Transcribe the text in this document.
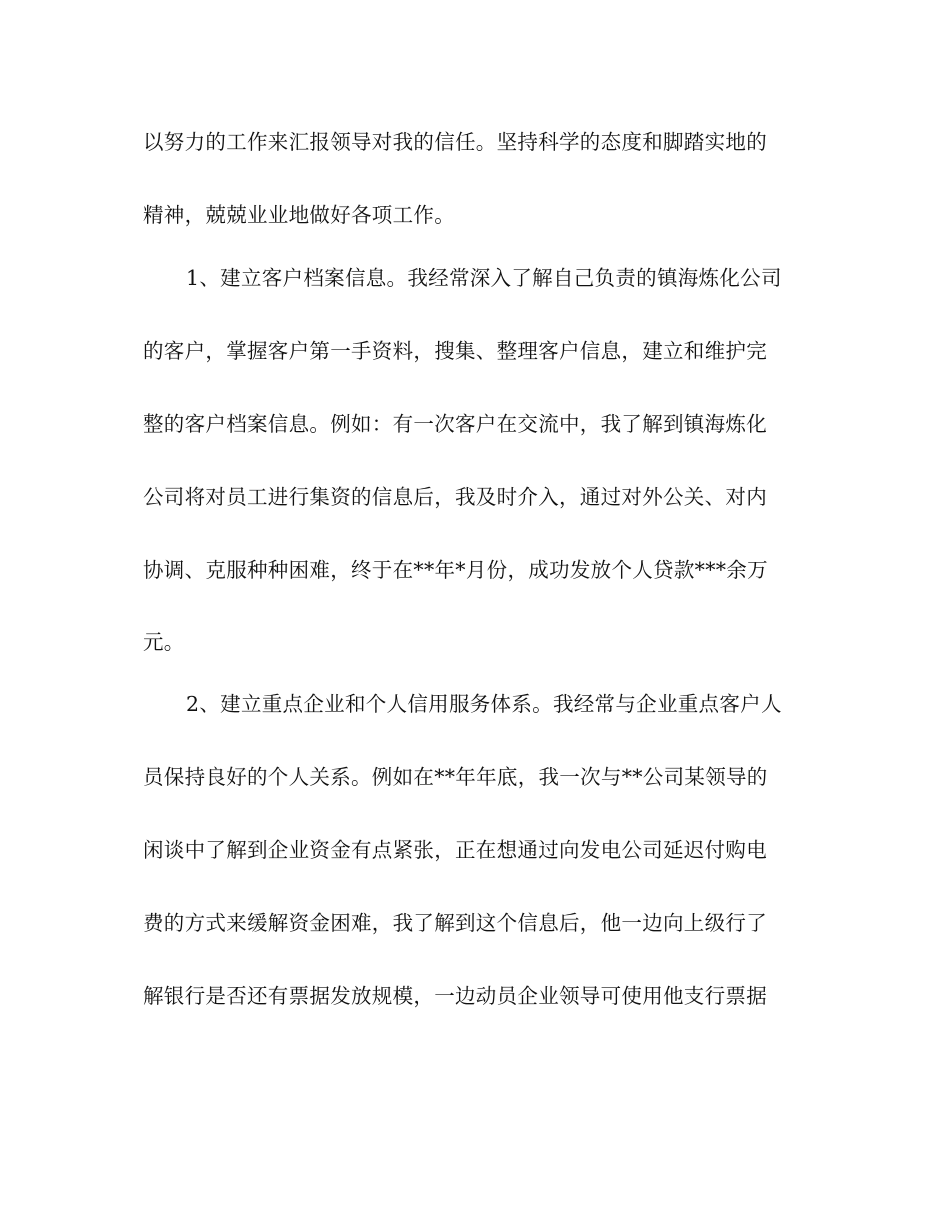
以努力的工作来汇报领导对我的信任。坚持科学的态度和脚踏实地的
精神，兢兢业业地做好各项工作。
1、建立客户档案信息。我经常深入了解自己负责的镇海炼化公司
的客户，掌握客户第一手资料，搜集、整理客户信息，建立和维护完
整的客户档案信息。例如：有一次客户在交流中，我了解到镇海炼化
公司将对员工进行集资的信息后，我及时介入，通过对外公关、对内
协调、克服种种困难，终于在**年*月份，成功发放个人贷款***余万
元。
2、建立重点企业和个人信用服务体系。我经常与企业重点客户人
员保持良好的个人关系。例如在**年年底，我一次与**公司某领导的
闲谈中了解到企业资金有点紧张，正在想通过向发电公司延迟付购电
费的方式来缓解资金困难，我了解到这个信息后，他一边向上级行了
解银行是否还有票据发放规模，一边动员企业领导可使用他支行票据
